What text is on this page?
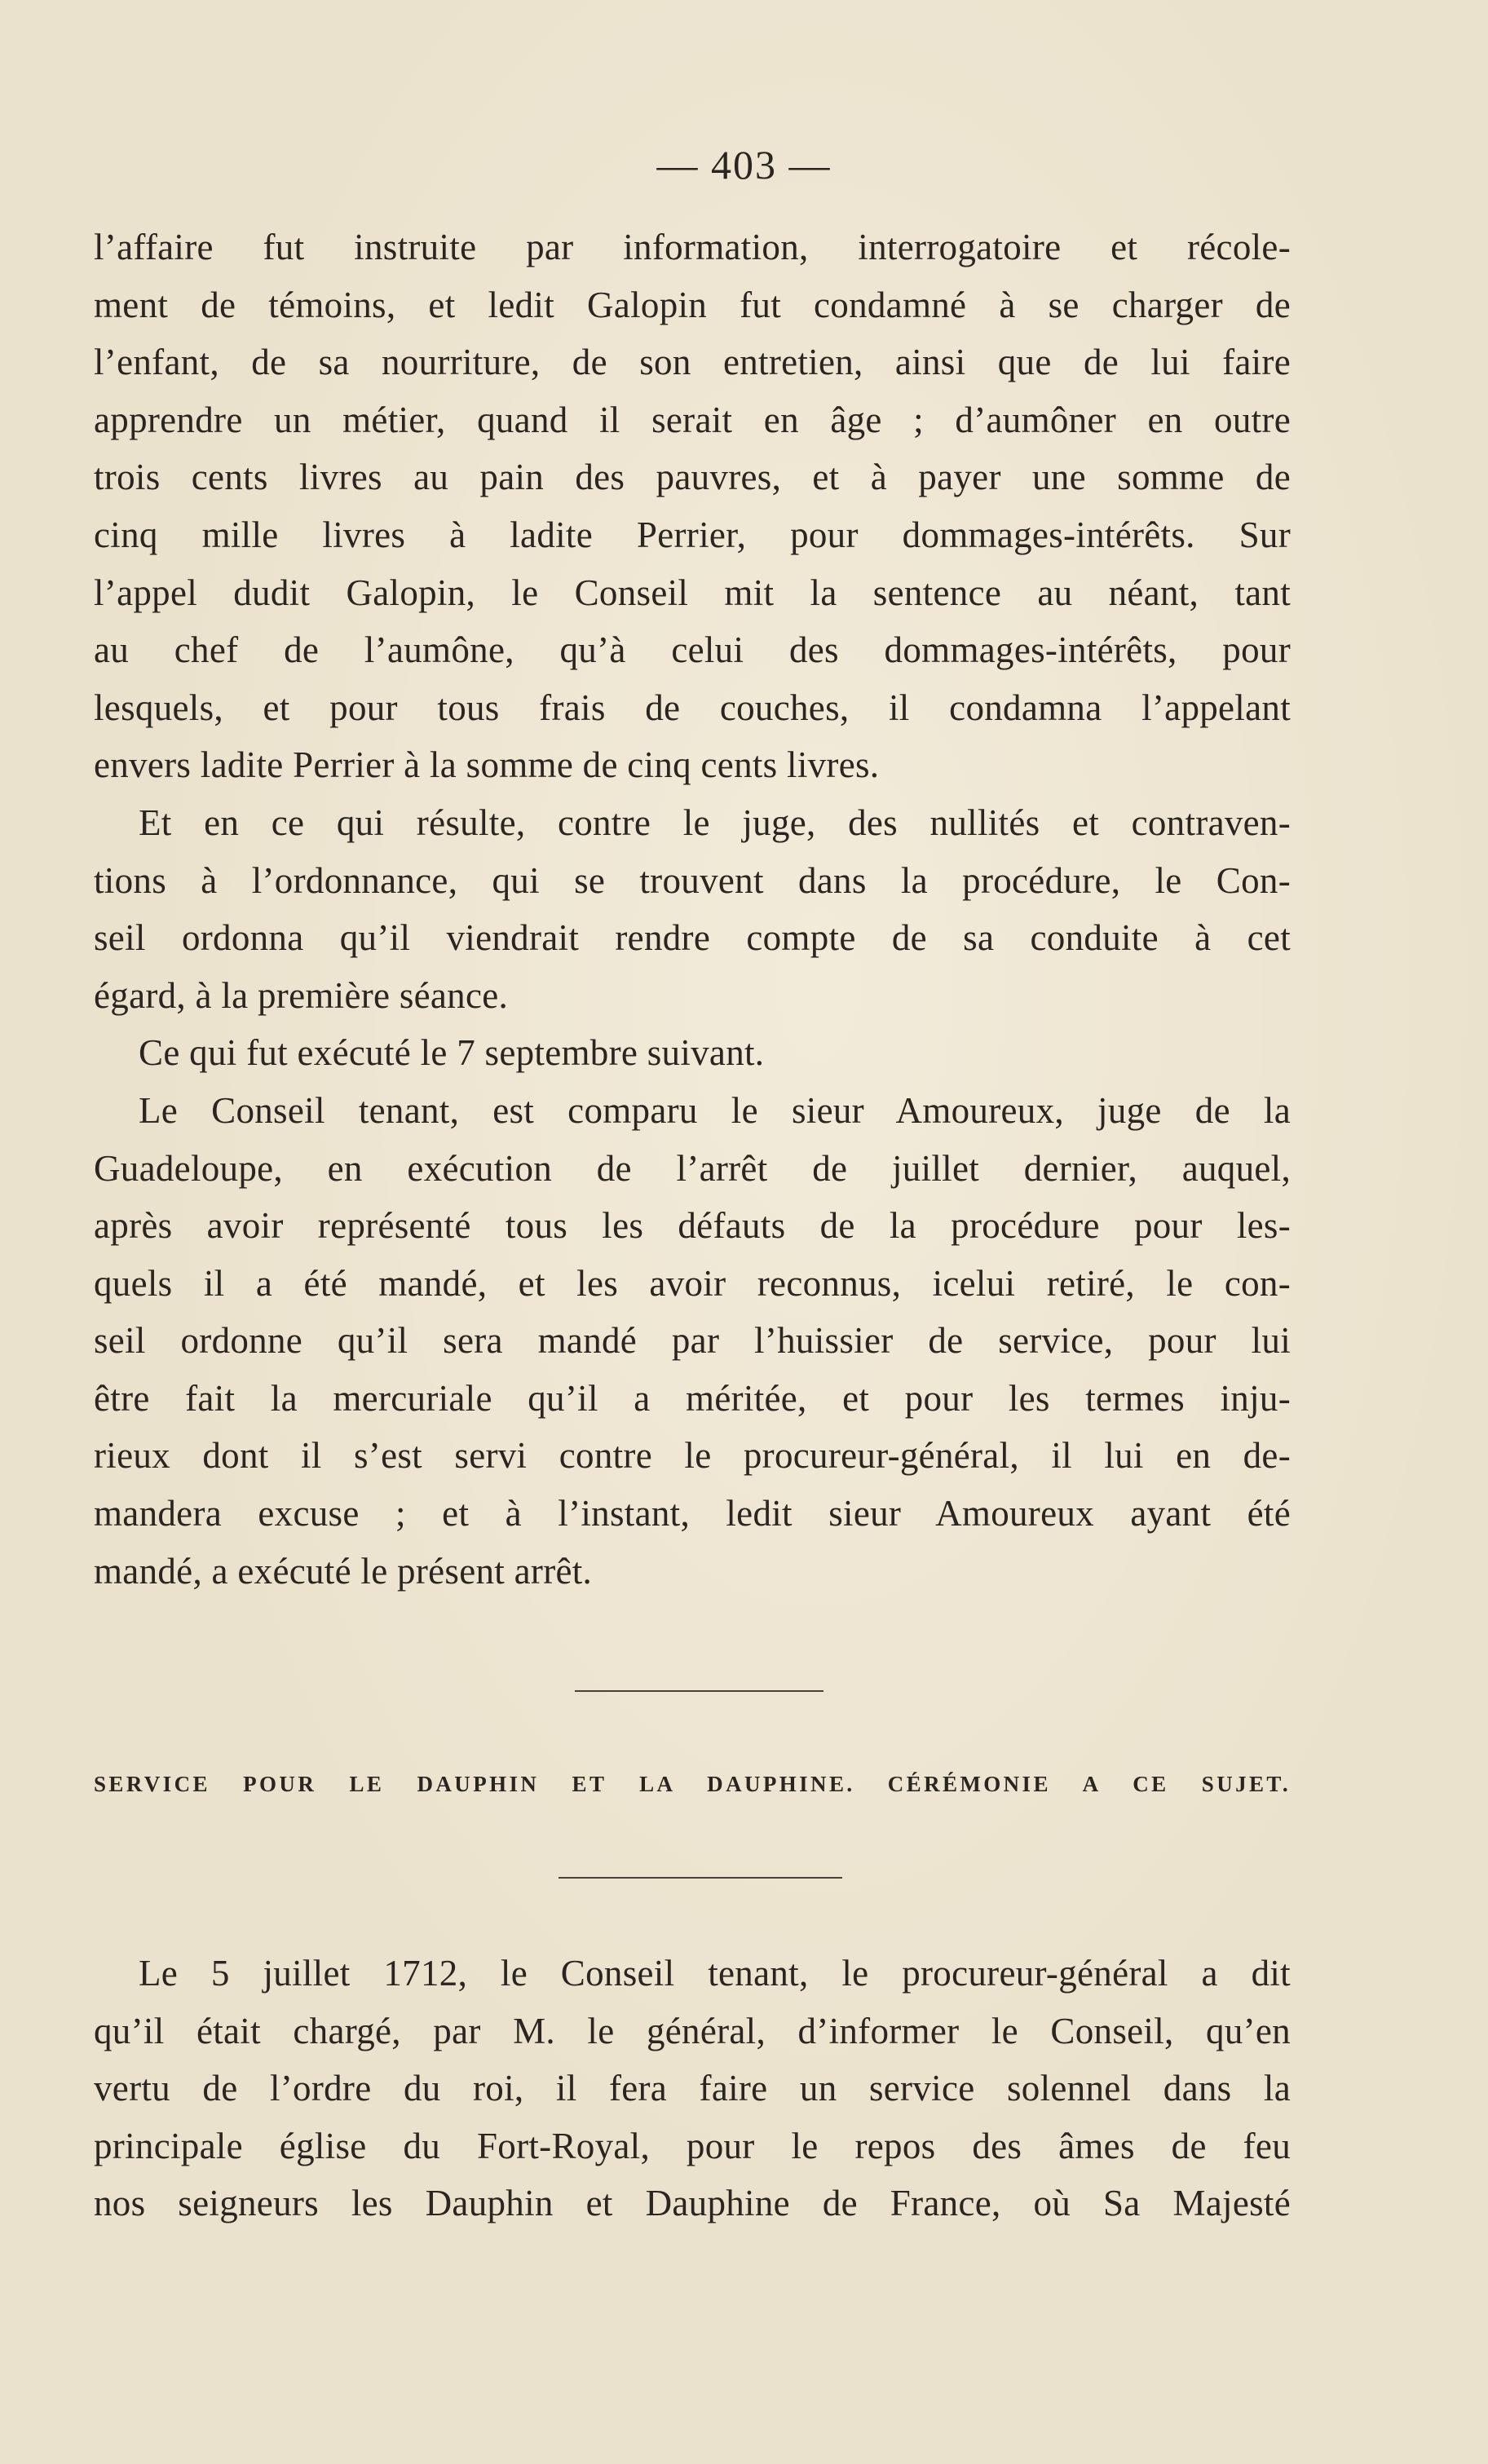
— 403 —
l’affaire fut instruite par information, interrogatoire et récole-
ment de témoins, et ledit Galopin fut condamné à se charger de
l’enfant, de sa nourriture, de son entretien, ainsi que de lui faire
apprendre un métier, quand il serait en âge ; d’aumôner en outre
trois cents livres au pain des pauvres, et à payer une somme de
cinq mille livres à ladite Perrier, pour dommages-intérêts. Sur
l’appel dudit Galopin, le Conseil mit la sentence au néant, tant
au chef de l’aumône, qu’à celui des dommages-intérêts, pour
lesquels, et pour tous frais de couches, il condamna l’appelant
envers ladite Perrier à la somme de cinq cents livres.
Et en ce qui résulte, contre le juge, des nullités et contraven-
tions à l’ordonnance, qui se trouvent dans la procédure, le Con-
seil ordonna qu’il viendrait rendre compte de sa conduite à cet
égard, à la première séance.
Ce qui fut exécuté le 7 septembre suivant.
Le Conseil tenant, est comparu le sieur Amoureux, juge de la
Guadeloupe, en exécution de l’arrêt de juillet dernier, auquel,
après avoir représenté tous les défauts de la procédure pour les-
quels il a été mandé, et les avoir reconnus, icelui retiré, le con-
seil ordonne qu’il sera mandé par l’huissier de service, pour lui
être fait la mercuriale qu’il a méritée, et pour les termes inju-
rieux dont il s’est servi contre le procureur-général, il lui en de-
mandera excuse ; et à l’instant, ledit sieur Amoureux ayant été
mandé, a exécuté le présent arrêt.
SERVICE POUR LE DAUPHIN ET LA DAUPHINE. CÉRÉMONIE A CE SUJET.
Le 5 juillet 1712, le Conseil tenant, le procureur-général a dit
qu’il était chargé, par M. le général, d’informer le Conseil, qu’en
vertu de l’ordre du roi, il fera faire un service solennel dans la
principale église du Fort-Royal, pour le repos des âmes de feu
nos seigneurs les Dauphin et Dauphine de France, où Sa Majesté
